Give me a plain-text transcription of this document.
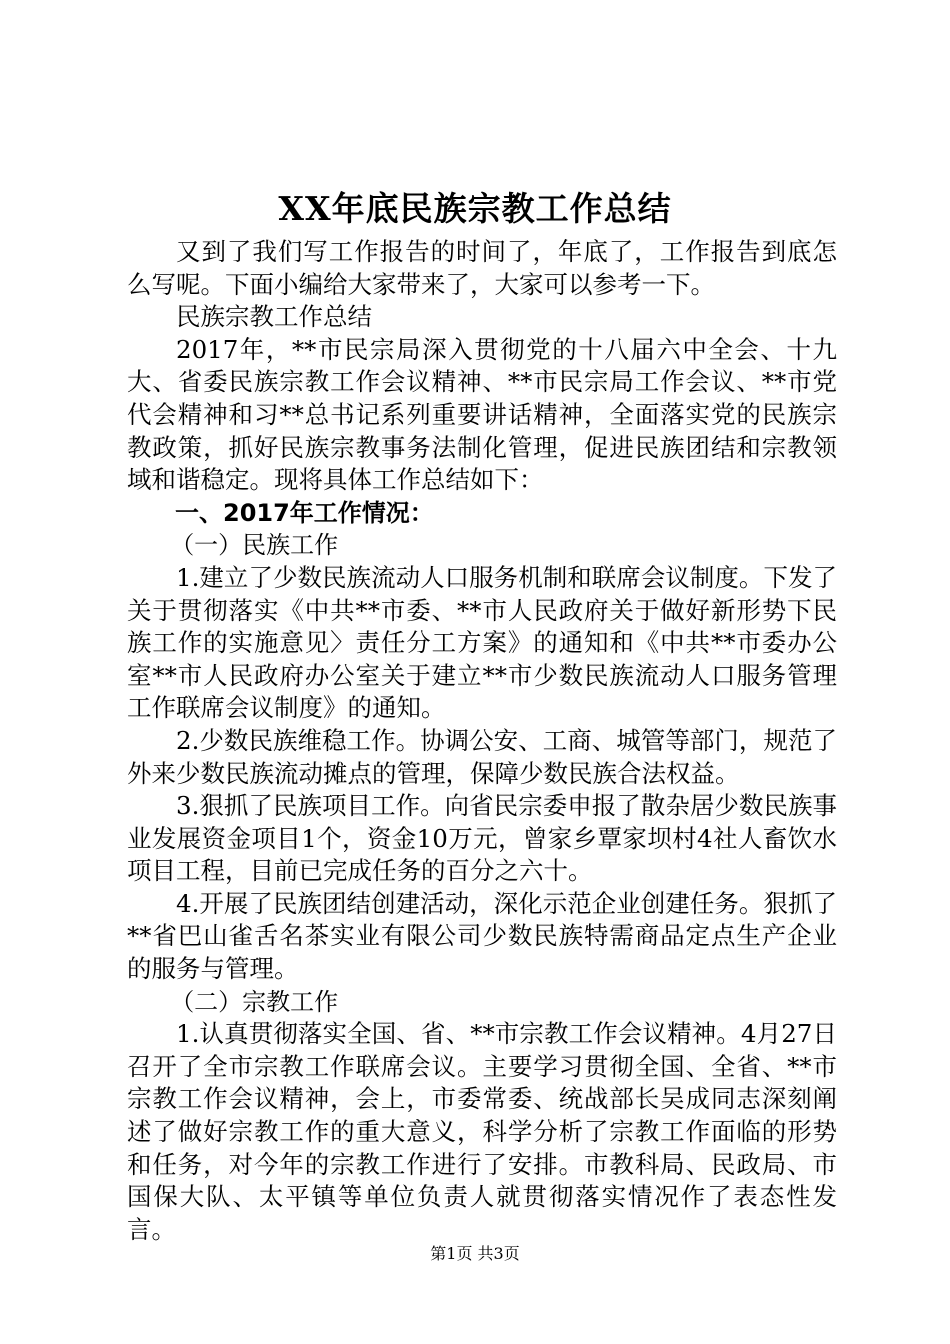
XX年底民族宗教工作总结

又到了我们写工作报告的时间了，年底了，工作报告到底怎么写呢。下面小编给大家带来了，大家可以参考一下。

民族宗教工作总结

2017年，**市民宗局深入贯彻党的十八届六中全会、十九大、省委民族宗教工作会议精神、**市民宗局工作会议、**市党代会精神和习**总书记系列重要讲话精神，全面落实党的民族宗教政策，抓好民族宗教事务法制化管理，促进民族团结和宗教领域和谐稳定。现将具体工作总结如下：

一、2017年工作情况：

（一）民族工作

1.建立了少数民族流动人口服务机制和联席会议制度。下发了关于贯彻落实《中共**市委、**市人民政府关于做好新形势下民族工作的实施意见〉责任分工方案》的通知和《中共**市委办公室**市人民政府办公室关于建立**市少数民族流动人口服务管理工作联席会议制度》的通知。

2.少数民族维稳工作。协调公安、工商、城管等部门，规范了外来少数民族流动摊点的管理，保障少数民族合法权益。

3.狠抓了民族项目工作。向省民宗委申报了散杂居少数民族事业发展资金项目1个，资金10万元，曾家乡覃家坝村4社人畜饮水项目工程，目前已完成任务的百分之六十。

4.开展了民族团结创建活动，深化示范企业创建任务。狠抓了**省巴山雀舌名茶实业有限公司少数民族特需商品定点生产企业的服务与管理。

（二）宗教工作

1.认真贯彻落实全国、省、**市宗教工作会议精神。4月27日召开了全市宗教工作联席会议。主要学习贯彻全国、全省、**市宗教工作会议精神，会上，市委常委、统战部长吴成同志深刻阐述了做好宗教工作的重大意义，科学分析了宗教工作面临的形势和任务，对今年的宗教工作进行了安排。市教科局、民政局、市国保大队、太平镇等单位负责人就贯彻落实情况作了表态性发言。

第1页 共3页
